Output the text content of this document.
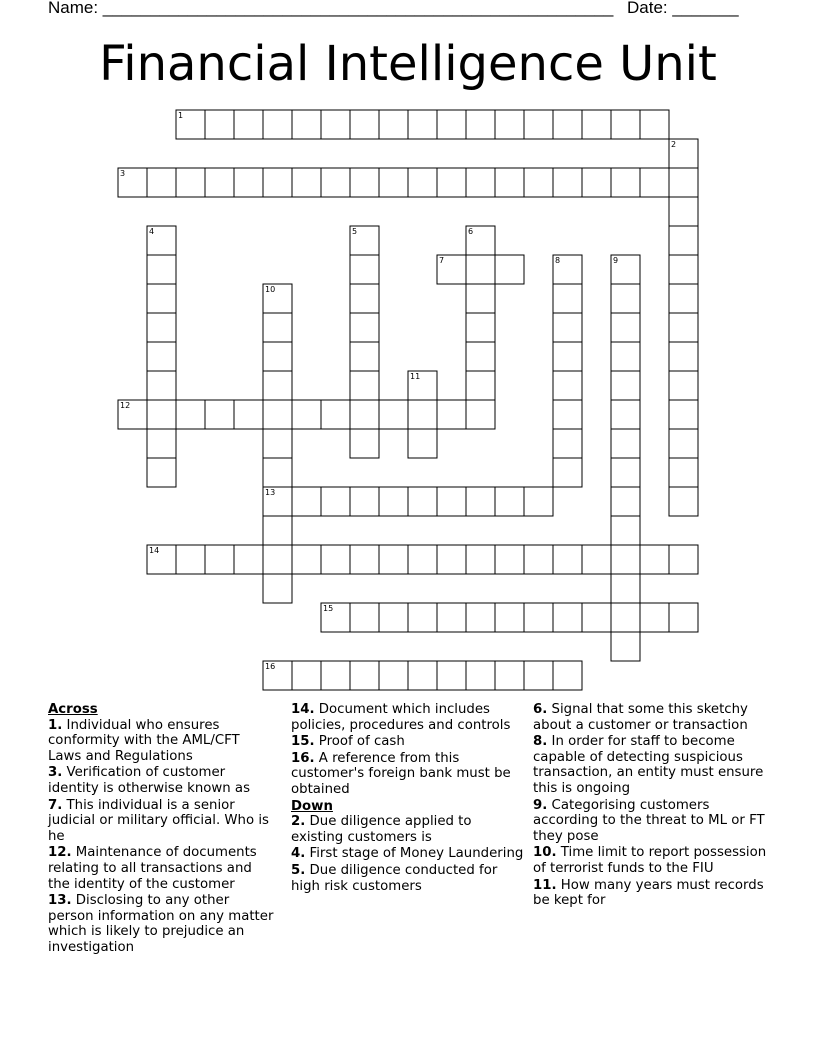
Name: ______________________________________________________ Date: _______
Financial Intelligence Unit
1
2
3
4	5	6
7	8	9
10
13
11
12
14
15
16
Across
1. Individual who ensures conformity with the AML/CFT Laws and Regulations
3. Verification of customer identity is otherwise known as
7. This individual is a senior judicial or military official. Who is he
12. Maintenance of documents relating to all transactions and the identity of the customer
13. Disclosing to any other person information on any matter which is likely to prejudice an investigation
14. Document which includes policies, procedures and controls
15. Proof of cash
16. A reference from this customer's foreign bank must be obtained
Down
2. Due diligence applied to existing customers is
4. First stage of Money Laundering
5. Due diligence conducted for high risk customers
6. Signal that some this sketchy about a customer or transaction
8. In order for staff to become capable of detecting suspicious transaction, an entity must ensure this is ongoing
9. Categorising customers according to the threat to ML or FT they pose
10. Time limit to report possession of terrorist funds to the FIU
11. How many years must records be kept for
